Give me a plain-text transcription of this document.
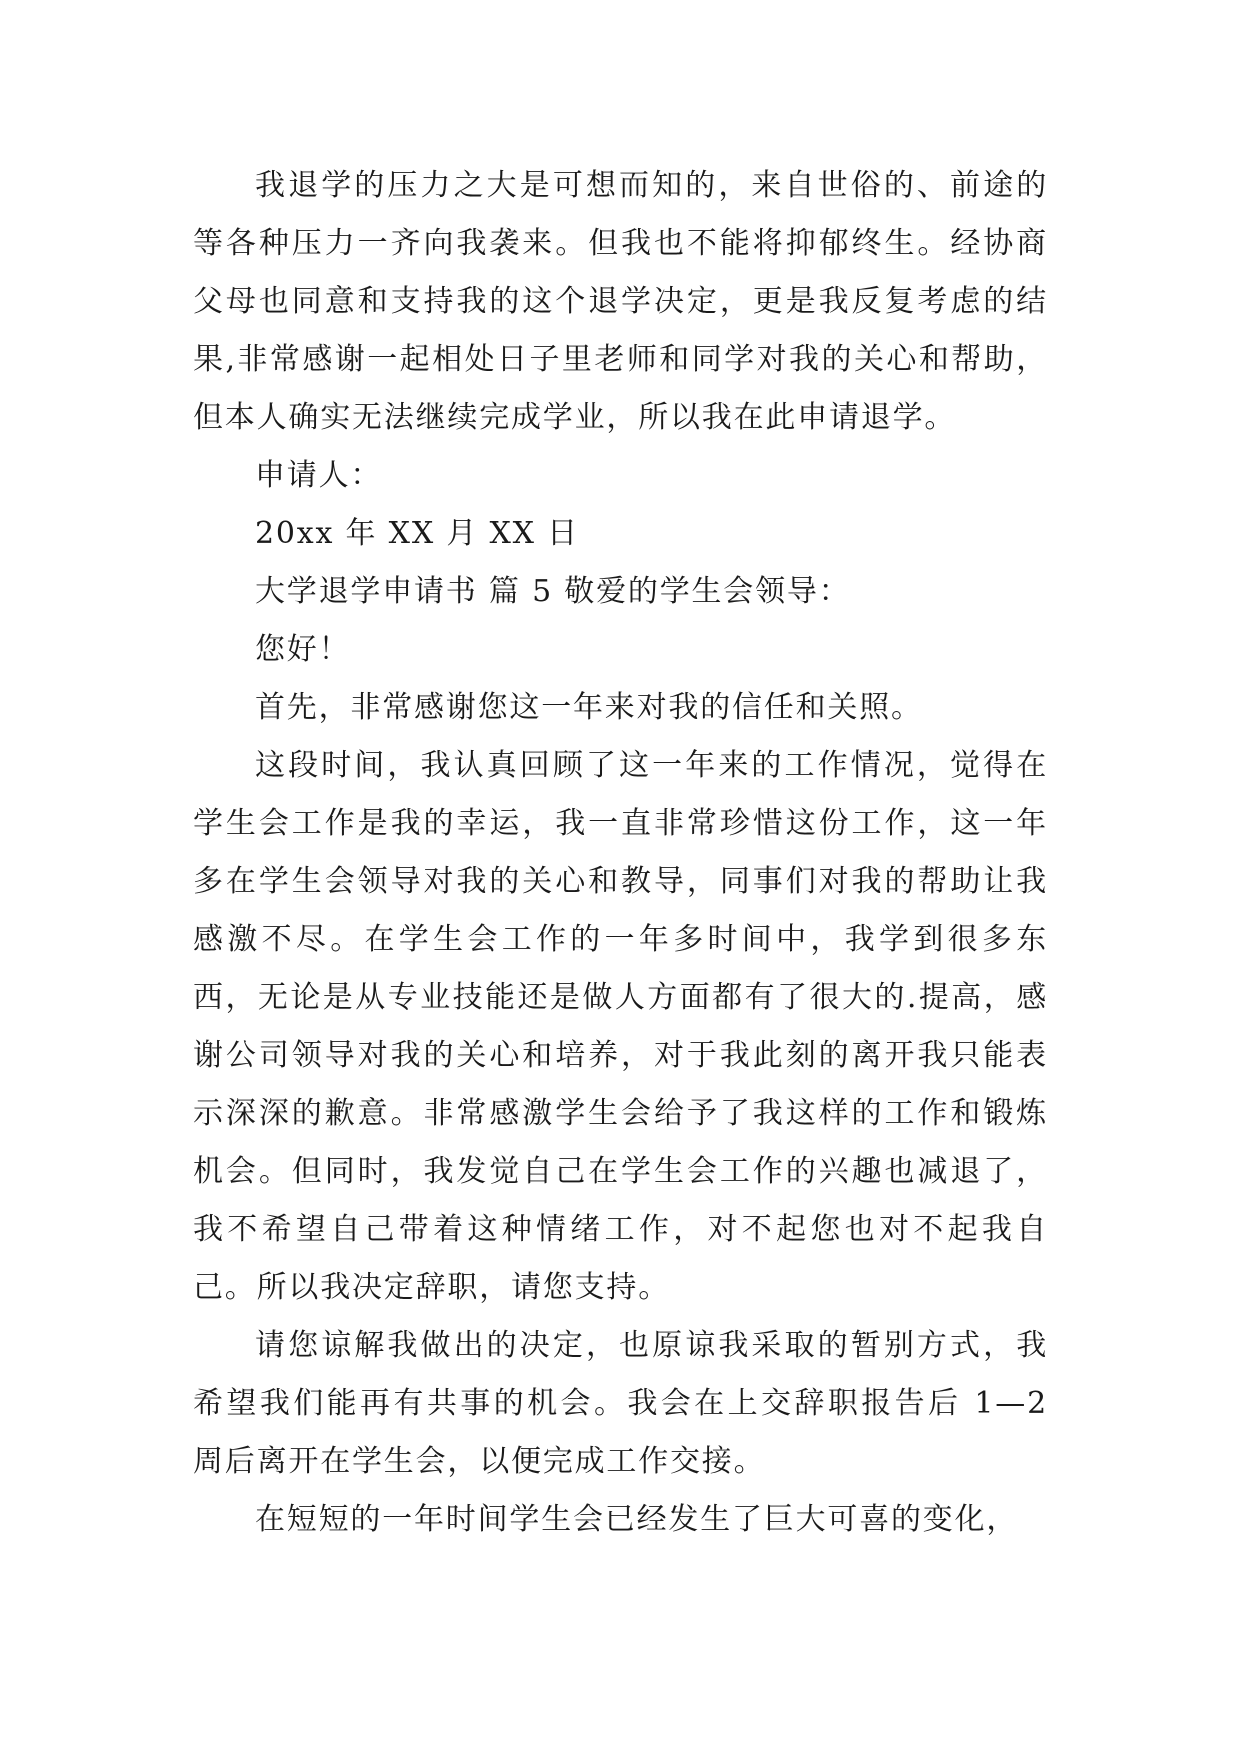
我退学的压力之大是可想而知的，来自世俗的、前途的等各种压力一齐向我袭来。但我也不能将抑郁终生。经协商父母也同意和支持我的这个退学决定，更是我反复考虑的结果,非常感谢一起相处日子里老师和同学对我的关心和帮助，但本人确实无法继续完成学业，所以我在此申请退学。

申请人：

20xx 年 XX 月 XX 日

大学退学申请书 篇 5 敬爱的学生会领导：

您好！

首先，非常感谢您这一年来对我的信任和关照。

这段时间，我认真回顾了这一年来的工作情况，觉得在学生会工作是我的幸运，我一直非常珍惜这份工作，这一年多在学生会领导对我的关心和教导，同事们对我的帮助让我感激不尽。在学生会工作的一年多时间中，我学到很多东西，无论是从专业技能还是做人方面都有了很大的.提高，感谢公司领导对我的关心和培养，对于我此刻的离开我只能表示深深的歉意。非常感激学生会给予了我这样的工作和锻炼机会。但同时，我发觉自己在学生会工作的兴趣也减退了，我不希望自己带着这种情绪工作，对不起您也对不起我自己。所以我决定辞职，请您支持。

请您谅解我做出的决定，也原谅我采取的暂别方式，我希望我们能再有共事的机会。我会在上交辞职报告后 1—2 周后离开在学生会，以便完成工作交接。

在短短的一年时间学生会已经发生了巨大可喜的变化，
